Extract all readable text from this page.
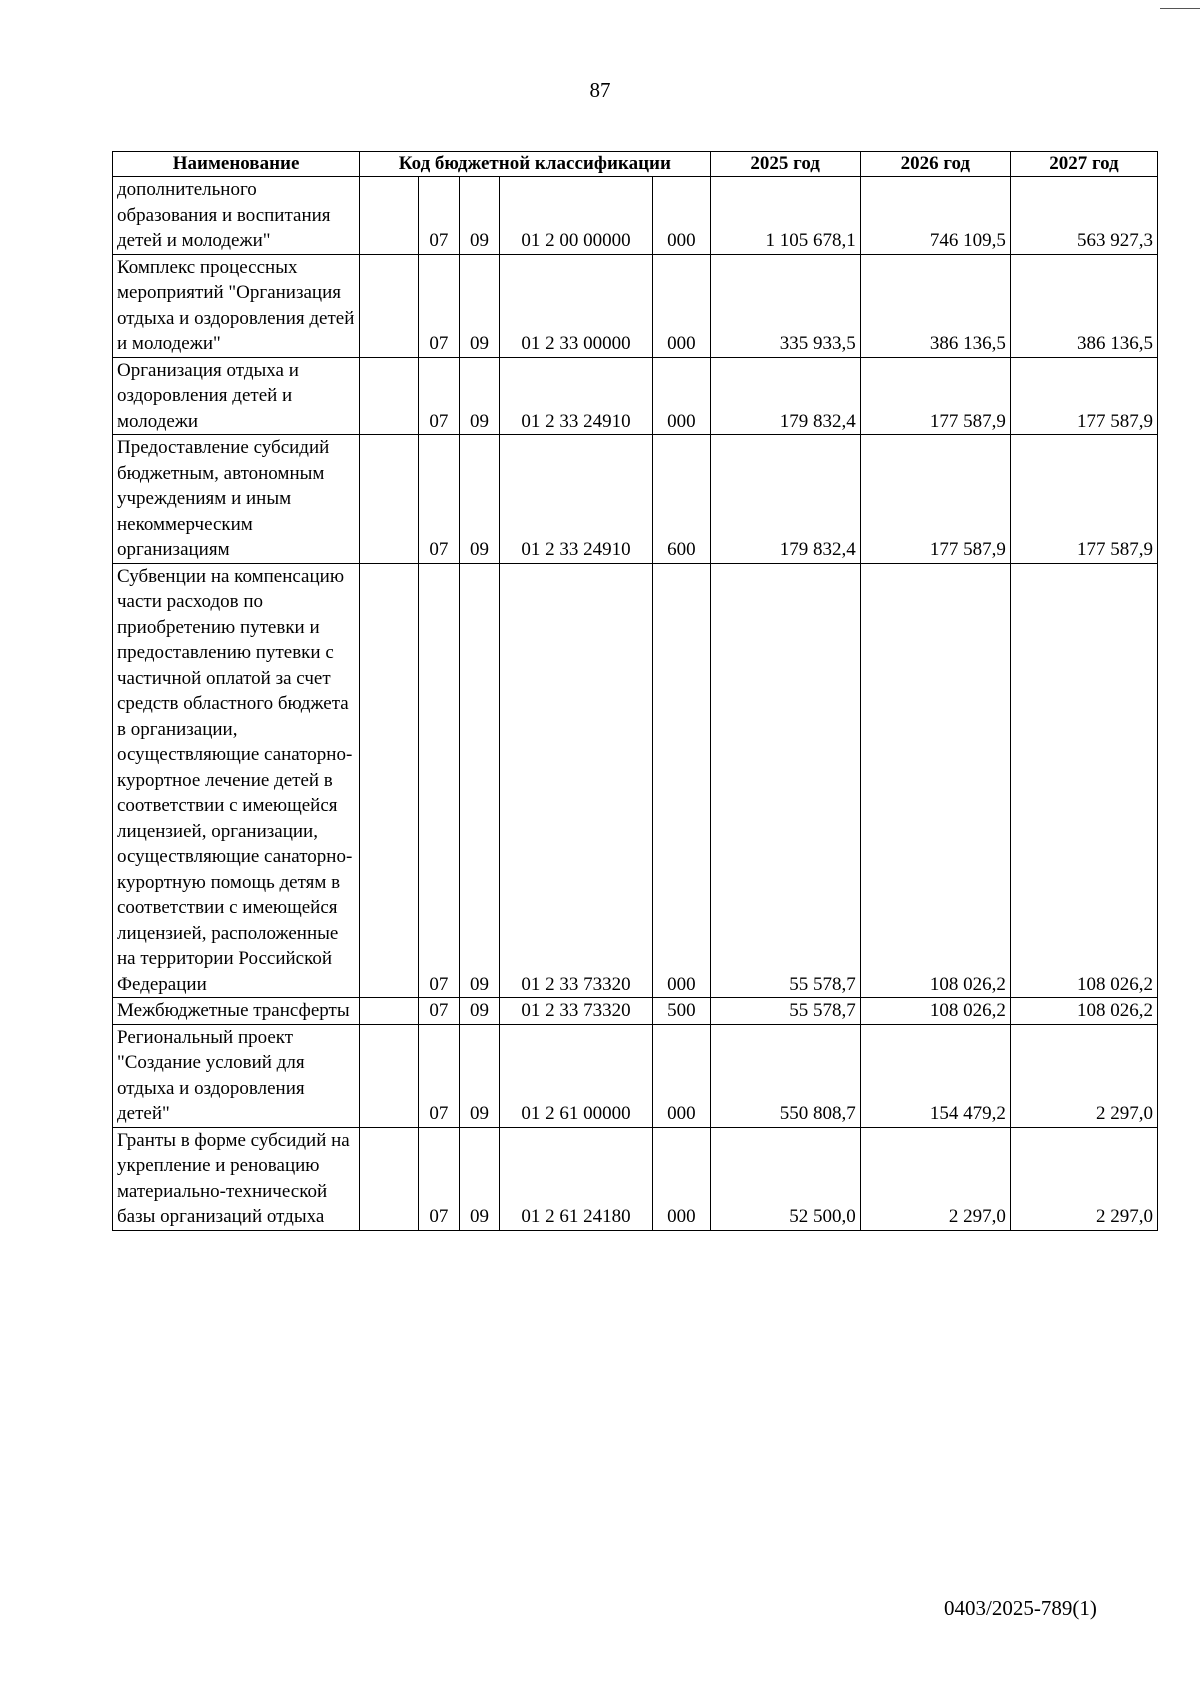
87
Наименование	Код бюджетной классификации					2025 год	2026 год	2027 год
дополнительного образования и воспитания детей и молодежи"		07	09	01 2 00 00000	000	1 105 678,1	746 109,5	563 927,3
Комплекс процессных мероприятий "Организация отдыха и оздоровления детей и молодежи"		07	09	01 2 33 00000	000	335 933,5	386 136,5	386 136,5
Организация отдыха и оздоровления детей и молодежи		07	09	01 2 33 24910	000	179 832,4	177 587,9	177 587,9
Предоставление субсидий бюджетным, автономным учреждениям и иным некоммерческим организациям		07	09	01 2 33 24910	600	179 832,4	177 587,9	177 587,9
Субвенции на компенсацию части расходов по приобретению путевки и предоставлению путевки с частичной оплатой за счет средств областного бюджета в организации, осуществляющие санаторно-курортное лечение детей в соответствии с имеющейся лицензией, организации, осуществляющие санаторно-курортную помощь детям в соответствии с имеющейся лицензией, расположенные на территории Российской Федерации		07	09	01 2 33 73320	000	55 578,7	108 026,2	108 026,2
Межбюджетные трансферты		07	09	01 2 33 73320	500	55 578,7	108 026,2	108 026,2
Региональный проект "Создание условий для отдыха и оздоровления детей"		07	09	01 2 61 00000	000	550 808,7	154 479,2	2 297,0
Гранты в форме субсидий на укрепление и реновацию материально-технической базы организаций отдыха		07	09	01 2 61 24180	000	52 500,0	2 297,0	2 297,0
0403/2025-789(1)
